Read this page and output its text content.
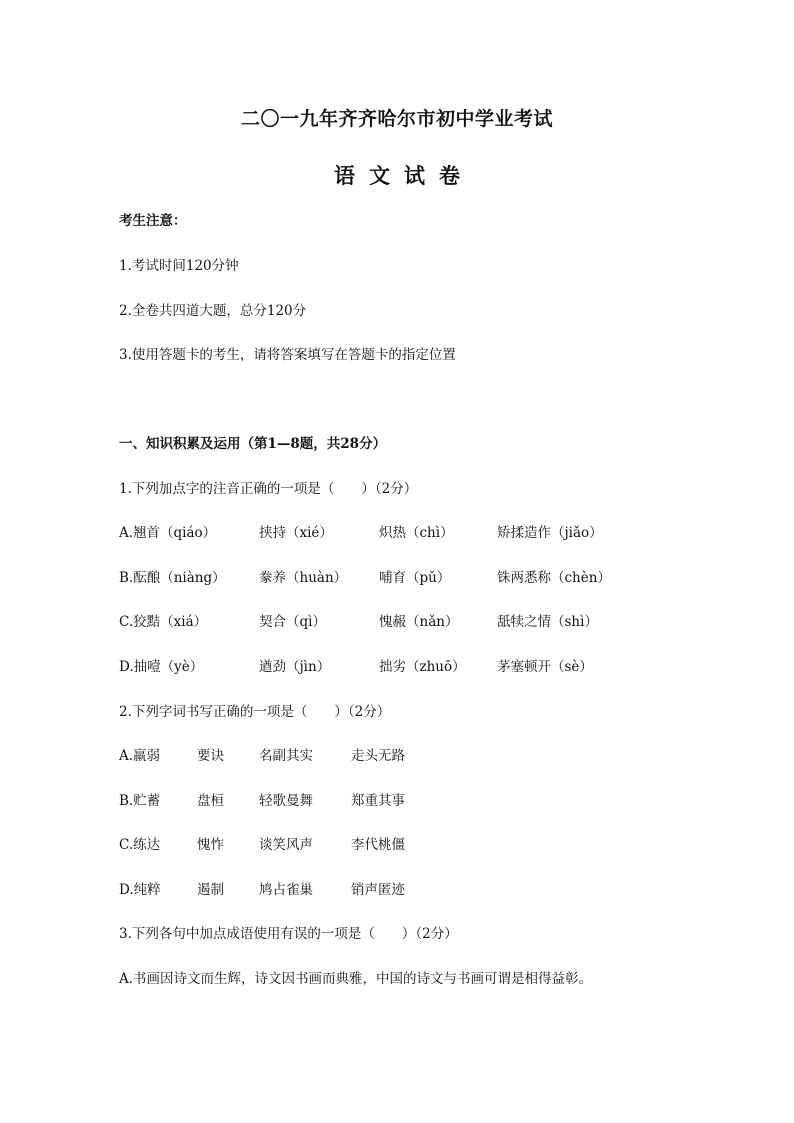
二〇一九年齐齐哈尔市初中学业考试
语文试卷
考生注意：
1.考试时间120分钟
2.全卷共四道大题，总分120分
3.使用答题卡的考生，请将答案填写在答题卡的指定位置
一、知识积累及运用（第1—8题，共28分）
1.下列加点字的注音正确的一项是（　　）（2分）
A.翘首（qiáo）	挟持（xié）	炽热（chì）	矫揉造作（jiǎo）
B.酝酿（niàng） 豢养（huàn） 哺育（pǔ）	铢两悉称（chèn）
C.狡黠（xiá）	契合（qì）	愧赧（nǎn）	舐犊之情（shì）
D.抽噎（yè）	遒劲（jìn）	拙劣（zhuō） 茅塞顿开（sè）
2.下列字词书写正确的一项是（　　）（2分）
A.羸弱	要诀	名副其实	走头无路
B.贮蓄	盘桓	轻歌曼舞	郑重其事
C.练达	愧怍	谈笑风声	李代桃僵
D.纯粹	遏制	鸠占雀巢	销声匿迹
3.下列各句中加点成语使用有误的一项是（　　）（2分）
A.书画因诗文而生辉，诗文因书画而典雅，中国的诗文与书画可谓是相得益彰。
